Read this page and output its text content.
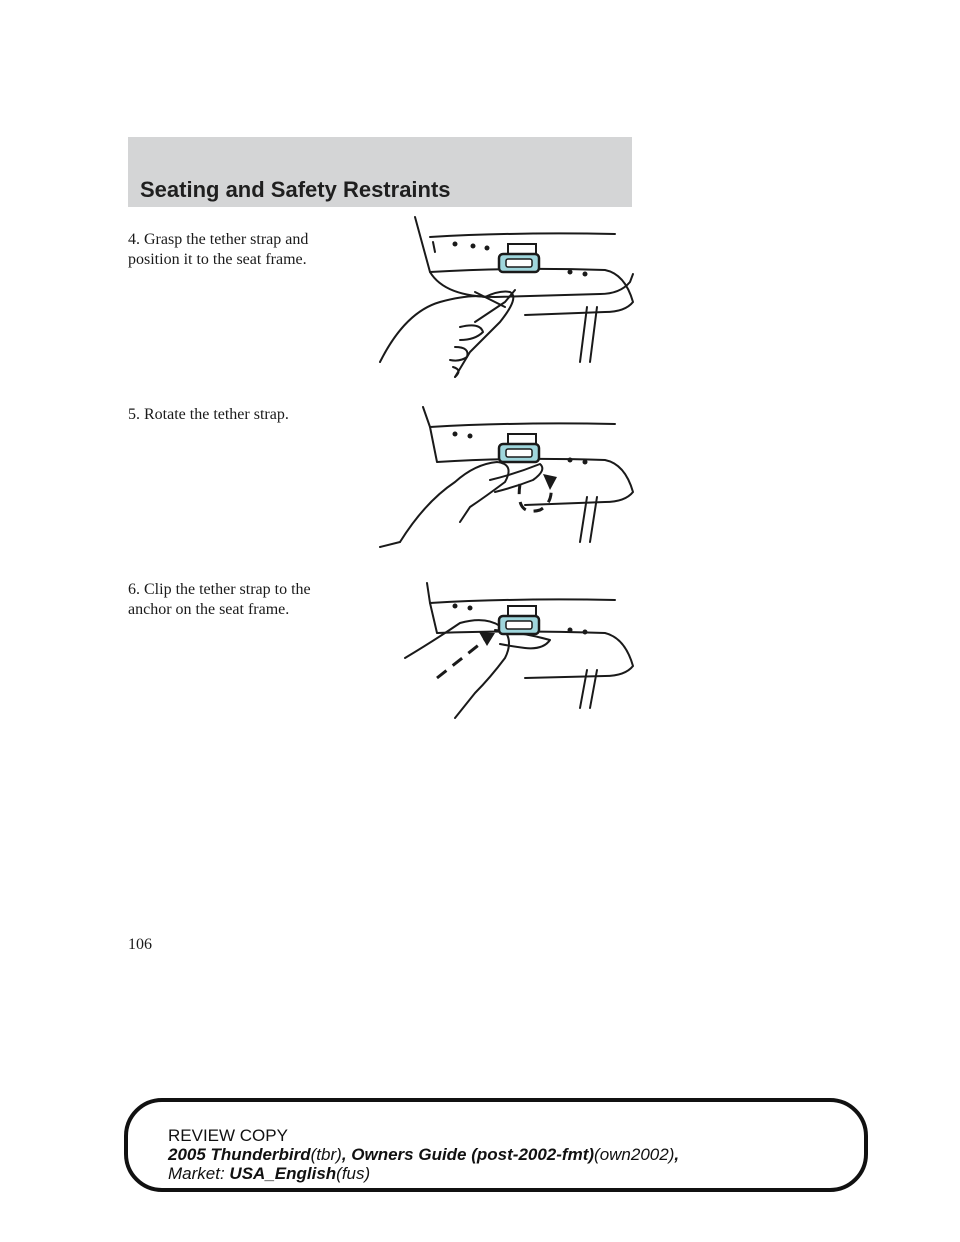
Seating and Safety Restraints
4. Grasp the tether strap and
position it to the seat frame.
5. Rotate the tether strap.
6. Clip the tether strap to the
anchor on the seat frame.
106
REVIEW COPY
2005 Thunderbird(tbr), Owners Guide (post-2002-fmt)(own2002),
Market: USA_English(fus)
